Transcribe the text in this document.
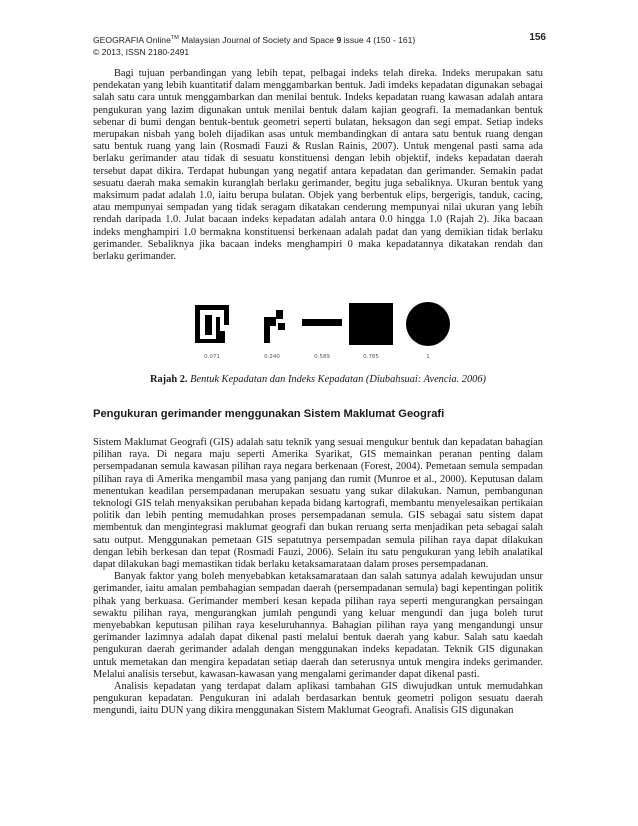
GEOGRAFIA Online™ Malaysian Journal of Society and Space 9 issue 4 (150 - 161)
© 2013, ISSN 2180-2491
156

Bagi tujuan perbandingan yang lebih tepat, pelbagai indeks telah direka. Indeks merupakan satu pendekatan yang lebih kuantitatif dalam menggambarkan bentuk. Jadi imdeks kepadatan digunakan sebagai salah satu cara untuk menggambarkan dan menilai bentuk. Indeks kepadatan ruang kawasan adalah antara pengukuran yang lazim digunakan untuk menilai bentuk dalam kajian geografi. Ia memadankan bentuk sebenar di bumi dengan bentuk-bentuk geometri seperti bulatan, heksagon dan segi empat. Setiap indeks merupakan nisbah yang boleh dijadikan asas untuk membandingkan di antara satu bentuk ruang dengan satu bentuk ruang yang lain (Rosmadi Fauzi & Ruslan Rainis, 2007). Untuk mengenal pasti sama ada berlaku gerimander atau tidak di sesuatu konstituensi dengan lebih objektif, indeks kepadatan daerah tersebut dapat dikira. Terdapat hubungan yang negatif antara kepadatan dan gerimander. Semakin padat sesuatu daerah maka semakin kuranglah berlaku gerimander, begitu juga sebaliknya. Ukuran bentuk yang maksimum padat adalah 1.0, iaitu berupa bulatan. Objek yang berbentuk elips, bergerigis, tanduk, cacing, atau mempunyai sempadan yang tidak seragam dikatakan cenderung mempunyai nilai ukuran yang lebih rendah daripada 1.0. Julat bacaan indeks kepadatan adalah antara 0.0 hingga 1.0 (Rajah 2). Jika bacaan indeks menghampiri 1.0 bermakna konstituensi berkenaan adalah padat dan yang demikian tidak berlaku gerimander. Sebaliknya jika bacaan indeks menghampiri 0 maka kepadatannya dikatakan rendah dan berlaku gerimander.

0.071	0.240	0.589	0.785	1
Rajah 2. Bentuk Kepadatan dan Indeks Kepadatan (Diubahsuai: Avencia. 2006)
Pengukuran gerimander menggunakan Sistem Maklumat Geografi

Sistem Maklumat Geografi (GIS) adalah satu teknik yang sesuai mengukur bentuk dan kepadatan bahagian pilihan raya. Di negara maju seperti Amerika Syarikat, GIS memainkan peranan penting dalam persempadanan semula kawasan pilihan raya negara berkenaan (Forest, 2004). Pemetaan semula sempadan pilihan raya di Amerika mengambil masa yang panjang dan rumit (Munroe et al., 2000). Keputusan dalam menentukan keadilan persempadanan merupakan sesuatu yang sukar dilakukan. Namun, pembangunan teknologi GIS telah menyaksikan perubahan kepada bidang kartografi, membantu menyelesaikan pertikaian politik dan lebih penting memudahkan proses persempadanan semula. GIS sebagai satu sistem dapat membentuk dan mengintegrasi maklumat geografi dan bukan reruang serta menjadikan peta sebagai salah satu output. Menggunakan pemetaan GIS sepatutnya persempadan semula pilihan raya dapat dilakukan dengan lebih berkesan dan tepat (Rosmadi Fauzi, 2006). Selain itu satu pengukuran yang lebih analatikal dapat dilakukan bagi memastikan tidak berlaku ketaksamarataan dalam proses persempadanan.

Banyak faktor yang boleh menyebabkan ketaksamarataan dan salah satunya adalah kewujudan unsur gerimander, iaitu amalan pembahagian sempadan daerah (persempadanan semula) bagi kepentingan politik pihak yang berkuasa. Gerimander memberi kesan kepada pilihan raya seperti mengurangkan persaingan sewaktu pilihan raya, mengurangkan jumlah pengundi yang keluar mengundi dan juga boleh turut menyebabkan keputusan pilihan raya keseluruhannya. Bahagian pilihan raya yang mengandungi unsur gerimander lazimnya adalah dapat dikenal pasti melalui bentuk daerah yang kabur. Salah satu kaedah pengukuran daerah gerimander adalah dengan menggunakan indeks kepadatan. Teknik GIS digunakan untuk memetakan dan mengira kepadatan setiap daerah dan seterusnya untuk mengira indeks gerimander. Melalui analisis tersebut, kawasan-kawasan yang mengalami gerimander dapat dikenal pasti.

Analisis kepadatan yang terdapat dalam aplikasi tambahan GIS diwujudkan untuk memudahkan pengukuran kepadatan. Pengukuran ini adalah berdasarkan bentuk geometri poligon sesuatu daerah mengundi, iaitu DUN yang dikira menggunakan Sistem Maklumat Geografi. Analisis GIS digunakan
